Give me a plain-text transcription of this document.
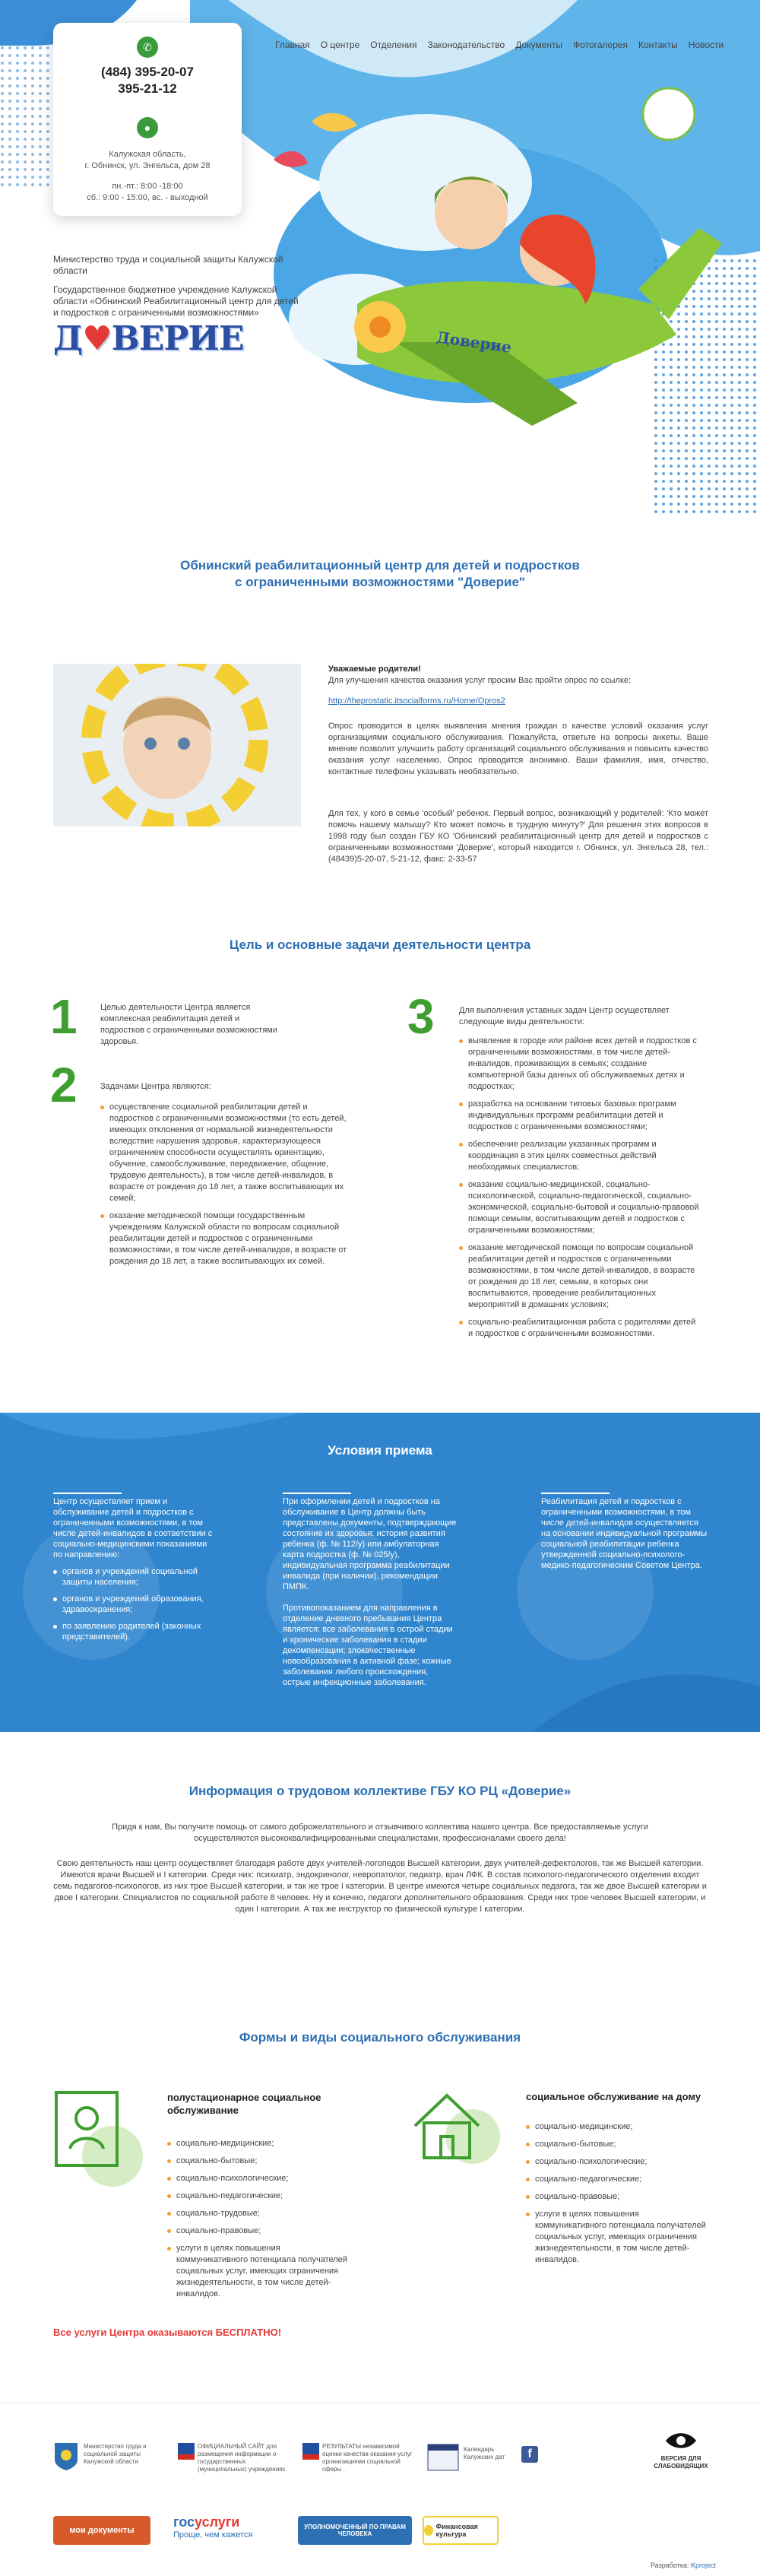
Доверие
Главная О центре Отделения Законодательство Документы Фотогалерея Контакты Новости
✆
(484) 395-20-07
395-21-12
●
Калужская область,
г. Обнинск, ул. Энгельса, дом 28
пн.-пт.: 8:00 -18:00
сб.: 9:00 - 15:00, вс. - выходной
Министерство труда и социальной защиты Калужской области
Государственное бюджетное учреждение Калужской области «Обнинский Реабилитационный центр для детей и подростков с ограниченными возможностями»
Д♥ВЕРИЕ
Обнинский реабилитационный центр для детей и подростков
с ограниченными возможностями "Доверие"
Уважаемые родители!
Для улучшения качества оказания услуг просим Вас пройти опрос по ссылке:
http://theprostatic.itsocialforms.ru/Home/Opros2
Опрос проводится в целях выявления мнения граждан о качестве условий оказания услуг организациями социального обслуживания. Пожалуйста, ответьте на вопросы анкеты. Ваше мнение позволит улучшить работу организаций социального обслуживания и повысить качество оказания услуг населению. Опрос проводится анонимно. Ваши фамилия, имя, отчество, контактные телефоны указывать необязательно.
Для тех, у кого в семье 'особый' ребенок. Первый вопрос, возникающий у родителей: 'Кто может помочь нашему малышу? Кто может помочь в трудную минуту?' Для решения этих вопросов в 1998 году был создан ГБУ КО 'Обнинский реабилитационный центр для детей и подростков с ограниченными возможностями 'Доверие', который находится г. Обнинск, ул. Энгельса 28, тел.: (48439)5-20-07, 5-21-12, факс: 2-33-57
Цель и основные задачи деятельности центра
1	Целью деятельности Центра является комплексная реабилитация детей и подростков с ограниченными возможностями здоровья.
2	Задачами Центра являются:
осуществление социальной реабилитации детей и подростков с ограниченными возможностями (то есть детей, имеющих отклонения от нормальной жизнедеятельности вследствие нарушения здоровья, характеризующееся ограничением способности осуществлять ориентацию, обучение, самообслуживание, передвижение, общение, трудовую деятельность), в том числе детей-инвалидов, в возрасте от рождения до 18 лет, а также воспитывающих их семей;
оказание методической помощи государственным учреждениям Калужской области по вопросам социальной реабилитации детей и подростков с ограниченными возможностями, в том числе детей-инвалидов, в возрасте от рождения до 18 лет, а также воспитывающих их семей.
3	Для выполнения уставных задач Центр осуществляет следующие виды деятельности:
выявление в городе или районе всех детей и подростков с ограниченными возможностями, в том числе детей-инвалидов, проживающих в семьях; создание компьютерной базы данных об обслуживаемых детях и подростках;
разработка на основании типовых базовых программ индивидуальных программ реабилитации детей и подростков с ограниченными возможностями;
обеспечение реализации указанных программ и координация в этих целях совместных действий необходимых специалистов;
оказание социально-медицинской, социально-психологической, социально-педагогической, социально-экономической, социально-бытовой и социально-правовой помощи семьям, воспитывающим детей и подростков с ограниченными возможностями;
оказание методической помощи по вопросам социальной реабилитации детей и подростков с ограниченными возможностями, в том числе детей-инвалидов, в возрасте от рождения до 18 лет, семьям, в которых они воспитываются, проведение реабилитационных мероприятий в домашних условиях;
социально-реабилитационная работа с родителями детей и подростков с ограниченными возможностями.
Условия приема
Центр осуществляет прием и обслуживание детей и подростков с ограниченными возможностями, в том числе детей-инвалидов в соответствии с социально-медицинскими показаниями по направлению:
органов и учреждений социальной защиты населения;
органов и учреждений образования, здравоохранения;
по заявлению родителей (законных представителей).
При оформлении детей и подростков на обслуживание в Центр должны быть представлены документы, подтверждающие состояние их здоровья: история развития ребенка (ф. № 112/у) или амбулаторная карта подростка (ф. № 025/у), индивидуальная программа реабилитации инвалида (при наличии), рекомендации ПМПК.
Противопоказанием для направления в отделение дневного пребывания Центра является: все заболевания в острой стадии и хронические заболевания в стадии декомпенсации; злокачественные новообразования в активной фазе; кожные заболевания любого происхождения, острые инфекционные заболевания.
Реабилитация детей и подростков с ограниченными возможностями, в том числе детей-инвалидов осуществляется на основании индивидуальной программы социальной реабилитации ребенка утвержденной социально-психолого-медико-педагогическим Советом Центра.
Информация о трудовом коллективе ГБУ КО РЦ «Доверие»
Придя к нам, Вы получите помощь от самого доброжелательного и отзывчивого коллектива нашего центра. Все предоставляемые услуги осуществляются высококвалифицированными специалистами, профессионалами своего дела!
Свою деятельность наш центр осуществляет благодаря работе двух учителей-логопедов Высшей категории, двух учителей-дефектологов, так же Высшей категории. Имеются врачи Высшей и I категории. Среди них: психиатр, эндокринолог, невропатолог, педиатр, врач ЛФК. В состав психолого-педагогического отделения входит семь педагогов-психологов, из них трое Высшей категории, и так же трое I категории. В центре имеются четыре социальных педагога, так же двое Высшей категории и двое I категории. Специалистов по социальной работе 8 человек. Ну и конечно, педагоги дополнительного образования. Среди них трое человек Высшей категории, и один I категории. А так же инструктор по физической культуре I категории.
Формы и виды социального обслуживания
полустационарное социальное обслуживание
социально-медицинские;
социально-бытовые;
социально-психологические;
социально-педагогические;
социально-трудовые;
социально-правовые;
услуги в целях повышения коммуникативного потенциала получателей социальных услуг, имеющих ограничения жизнедеятельности, в том числе детей-инвалидов.
социальное обслуживание на дому
социально-медицинские;
социально-бытовые;
социально-психологические;
социально-педагогические;
социально-правовые;
услуги в целях повышения коммуникативного потенциала получателей социальных услуг, имеющих ограничения жизнедеятельности, в том числе детей-инвалидов.
Все услуги Центра оказываются БЕСПЛАТНО!
Министерство труда и социальной защиты Калужской области
ОФИЦИАЛЬНЫЙ САЙТ для размещения информации о государственных (муниципальных) учреждениях
РЕЗУЛЬТАТЫ независимой оценки качества оказания услуг организациями социальной сферы
Календарь Калужских дат	f	ВЕРСИЯ ДЛЯ СЛАБОВИДЯЩИХ
мои документы
госуслуги
Проще, чем кажется
УПОЛНОМОЧЕННЫЙ ПО ПРАВАМ ЧЕЛОВЕКА
Финансовая культура
Разработка: Kproject
